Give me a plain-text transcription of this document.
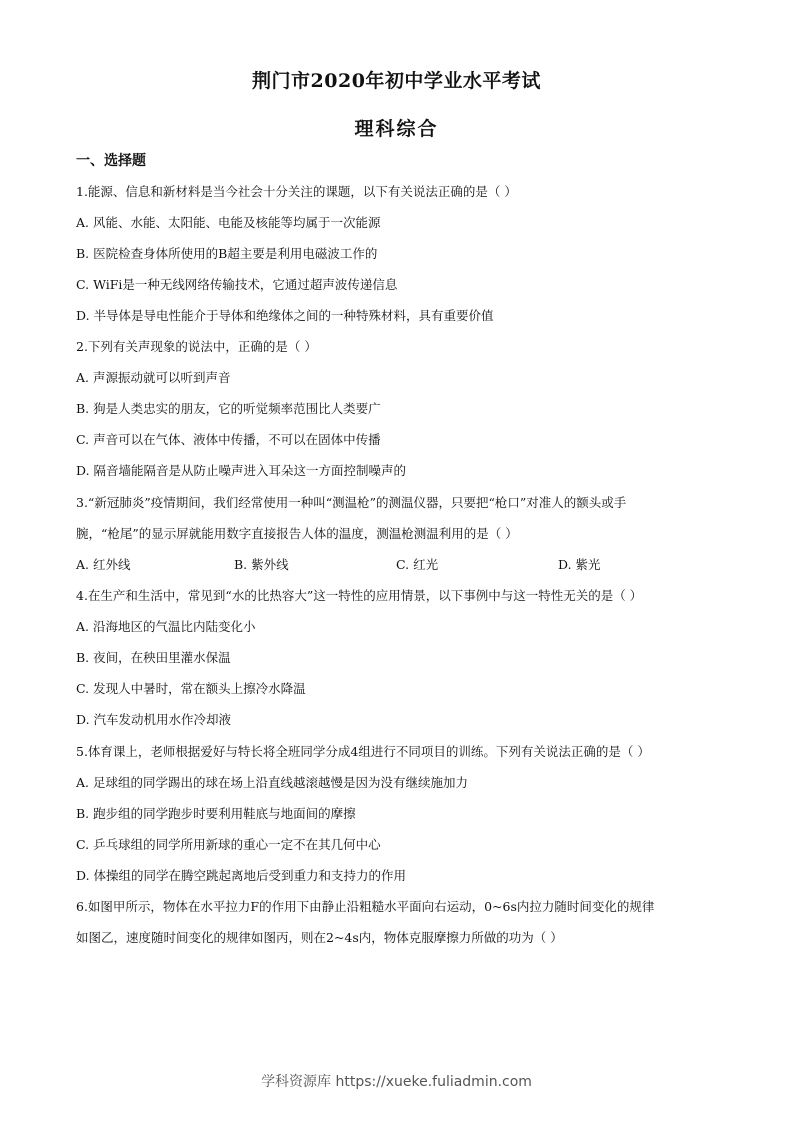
荆门市2020年初中学业水平考试
理科综合
一、选择题
1.能源、信息和新材料是当今社会十分关注的课题，以下有关说法正确的是（ ）
A. 风能、水能、太阳能、电能及核能等均属于一次能源
B. 医院检查身体所使用的B超主要是利用电磁波工作的
C. WiFi是一种无线网络传输技术，它通过超声波传递信息
D. 半导体是导电性能介于导体和绝缘体之间的一种特殊材料，具有重要价值
2.下列有关声现象的说法中，正确的是（ ）
A. 声源振动就可以听到声音
B. 狗是人类忠实的朋友，它的听觉频率范围比人类要广
C. 声音可以在气体、液体中传播，不可以在固体中传播
D. 隔音墙能隔音是从防止噪声进入耳朵这一方面控制噪声的
3.“新冠肺炎”疫情期间，我们经常使用一种叫“测温枪”的测温仪器，只要把“枪口”对准人的额头或手
腕，“枪尾”的显示屏就能用数字直接报告人体的温度，测温枪测温利用的是（ ）
A. 红外线	B. 紫外线	C. 红光	D. 紫光
4.在生产和生活中，常见到“水的比热容大”这一特性的应用情景，以下事例中与这一特性无关的是（ ）
A. 沿海地区的气温比内陆变化小
B. 夜间，在秧田里灌水保温
C. 发现人中暑时，常在额头上擦冷水降温
D. 汽车发动机用水作冷却液
5.体育课上，老师根据爱好与特长将全班同学分成4组进行不同项目的训练。下列有关说法正确的是（ ）
A. 足球组的同学踢出的球在场上沿直线越滚越慢是因为没有继续施加力
B. 跑步组的同学跑步时要利用鞋底与地面间的摩擦
C. 乒乓球组的同学所用新球的重心一定不在其几何中心
D. 体操组的同学在腾空跳起离地后受到重力和支持力的作用
6.如图甲所示，物体在水平拉力F的作用下由静止沿粗糙水平面向右运动，0~6s内拉力随时间变化的规律
如图乙，速度随时间变化的规律如图丙，则在2~4s内，物体克服摩擦力所做的功为（ ）
学科资源库 https://xueke.fuliadmin.com
